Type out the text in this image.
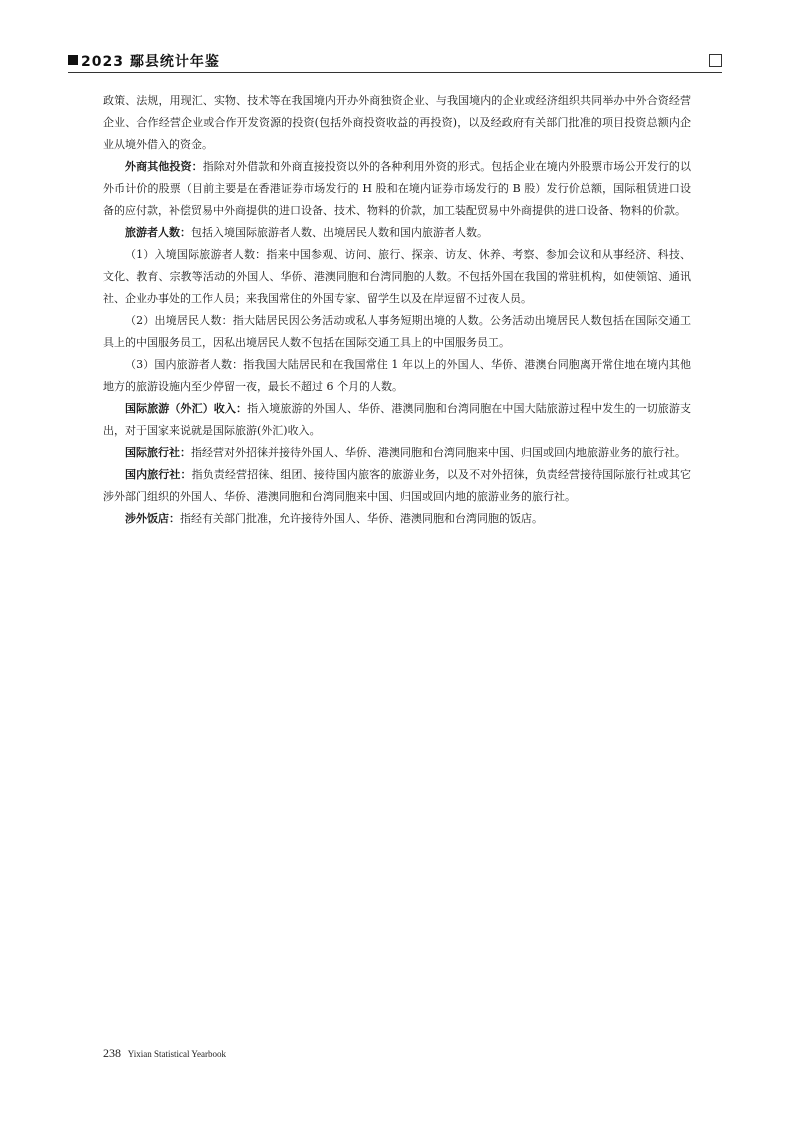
2023 鄢县统计年鉴

政策、法规，用现汇、实物、技术等在我国境内开办外商独资企业、与我国境内的企业或经济组织共同举办中外合资经营企业、合作经营企业或合作开发资源的投资(包括外商投资收益的再投资)，以及经政府有关部门批准的项目投资总额内企业从境外借入的资金。

外商其他投资：指除对外借款和外商直接投资以外的各种利用外资的形式。包括企业在境内外股票市场公开发行的以外币计价的股票（目前主要是在香港证券市场发行的 H 股和在境内证券市场发行的 B 股）发行价总额，国际租赁进口设备的应付款，补偿贸易中外商提供的进口设备、技术、物料的价款，加工装配贸易中外商提供的进口设备、物料的价款。

旅游者人数：包括入境国际旅游者人数、出境居民人数和国内旅游者人数。

（1）入境国际旅游者人数：指来中国参观、访问、旅行、探亲、访友、休养、考察、参加会议和从事经济、科技、文化、教育、宗教等活动的外国人、华侨、港澳同胞和台湾同胞的人数。不包括外国在我国的常驻机构，如使领馆、通讯社、企业办事处的工作人员；来我国常住的外国专家、留学生以及在岸逗留不过夜人员。

（2）出境居民人数：指大陆居民因公务活动或私人事务短期出境的人数。公务活动出境居民人数包括在国际交通工具上的中国服务员工，因私出境居民人数不包括在国际交通工具上的中国服务员工。

（3）国内旅游者人数：指我国大陆居民和在我国常住 1 年以上的外国人、华侨、港澳台同胞离开常住地在境内其他地方的旅游设施内至少停留一夜，最长不超过 6 个月的人数。

国际旅游（外汇）收入：指入境旅游的外国人、华侨、港澳同胞和台湾同胞在中国大陆旅游过程中发生的一切旅游支出，对于国家来说就是国际旅游(外汇)收入。

国际旅行社：指经营对外招徕并接待外国人、华侨、港澳同胞和台湾同胞来中国、归国或回内地旅游业务的旅行社。

国内旅行社：指负责经营招徕、组团、接待国内旅客的旅游业务，以及不对外招徕，负责经营接待国际旅行社或其它涉外部门组织的外国人、华侨、港澳同胞和台湾同胞来中国、归国或回内地的旅游业务的旅行社。

涉外饭店：指经有关部门批准，允许接待外国人、华侨、港澳同胞和台湾同胞的饭店。

238 Yixian Statistical Yearbook
